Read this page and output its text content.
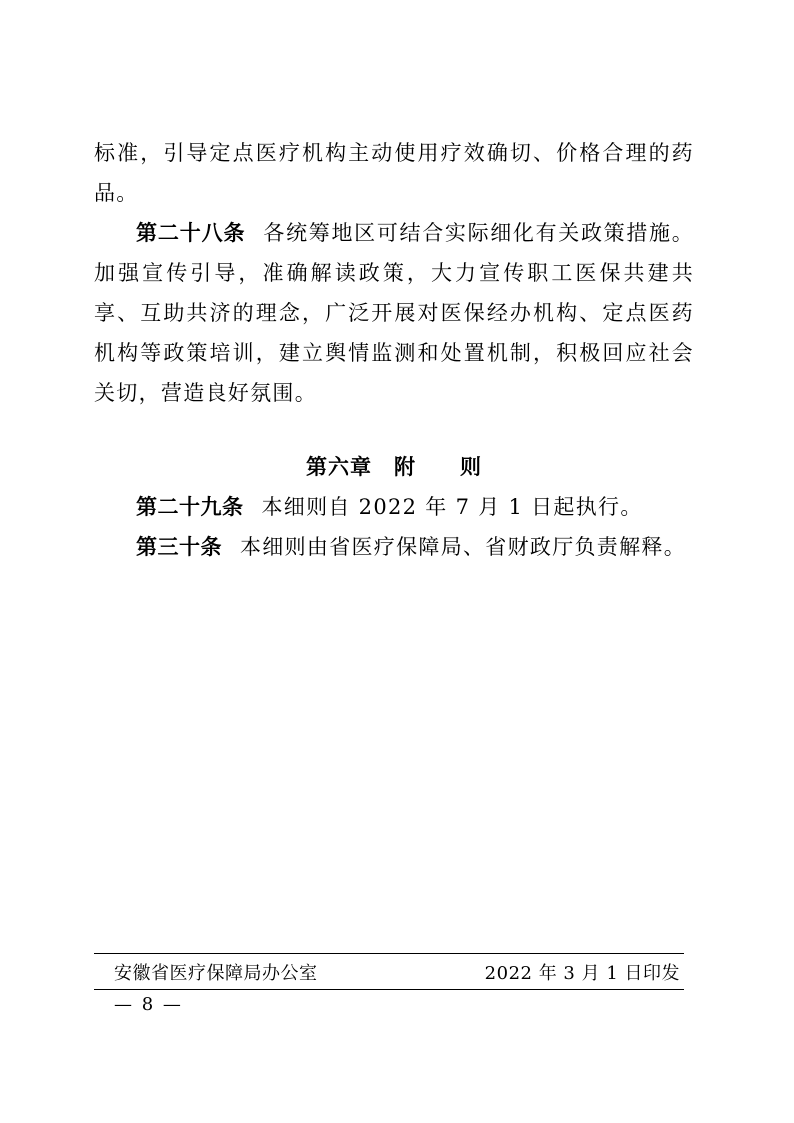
标准，引导定点医疗机构主动使用疗效确切、价格合理的药品。

第二十八条 各统筹地区可结合实际细化有关政策措施。加强宣传引导，准确解读政策，大力宣传职工医保共建共享、互助共济的理念，广泛开展对医保经办机构、定点医药机构等政策培训，建立舆情监测和处置机制，积极回应社会关切，营造良好氛围。

第六章　附　　则

第二十九条 本细则自 2022 年 7 月 1 日起执行。

第三十条 本细则由省医疗保障局、省财政厅负责解释。

安徽省医疗保障局办公室	2022 年 3 月 1 日印发
— 8 —
